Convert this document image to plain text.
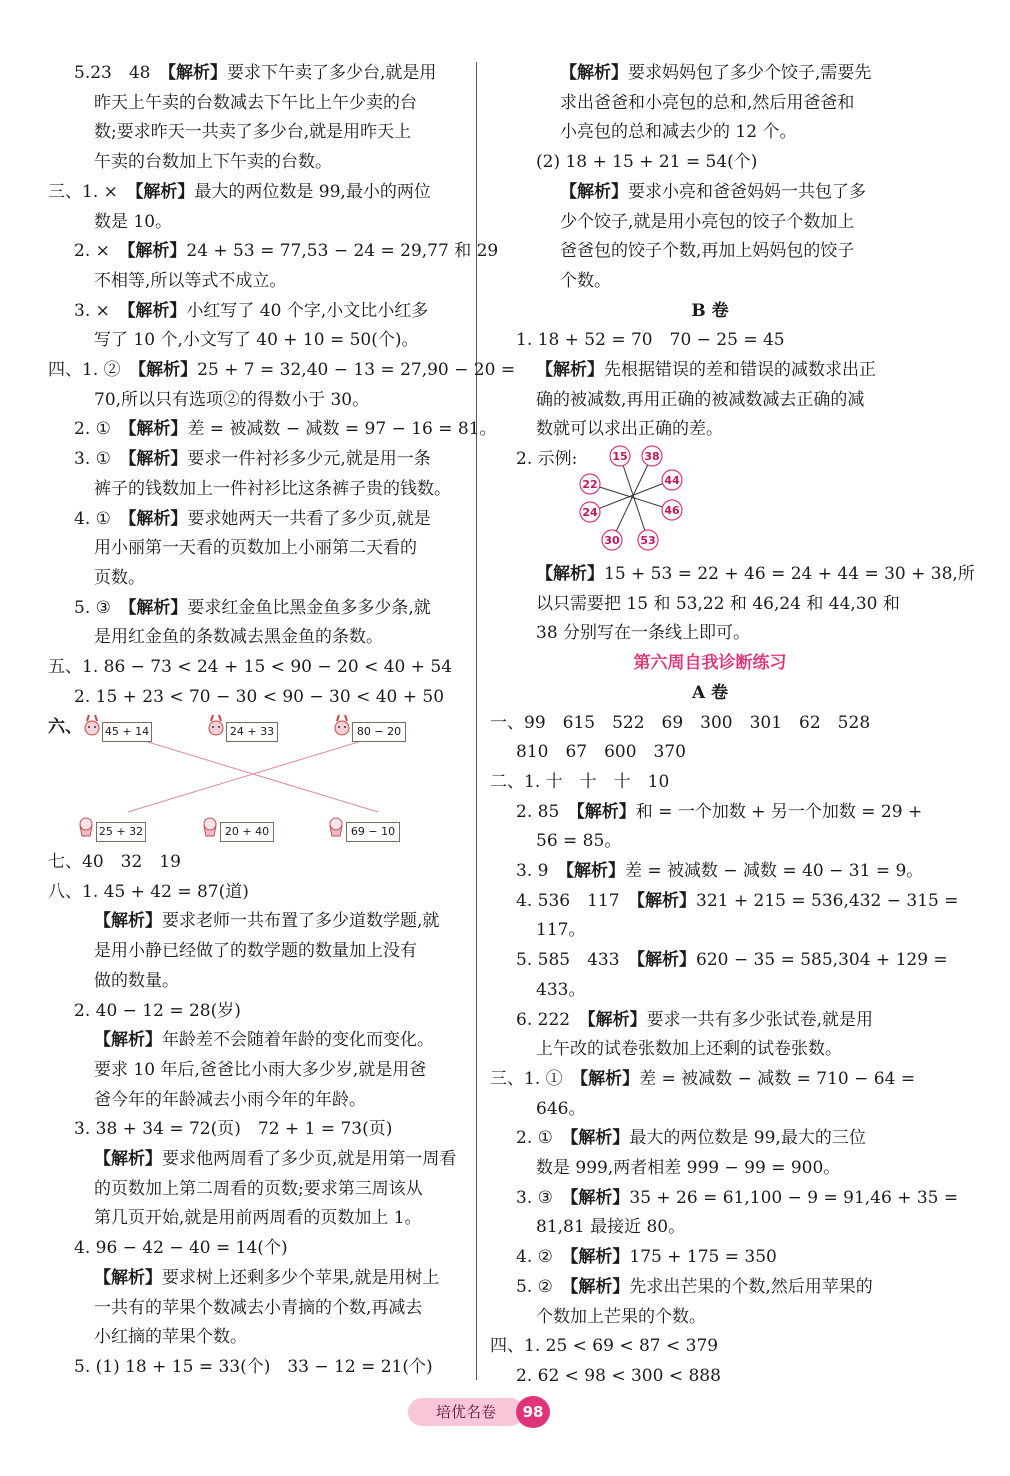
5.23　48　【解析】要求下午卖了多少台,就是用
昨天上午卖的台数减去下午比上午少卖的台
数;要求昨天一共卖了多少台,就是用昨天上
午卖的台数加上下午卖的台数。
三、1. ×　【解析】最大的两位数是 99,最小的两位
数是 10。
2. ×　【解析】24 + 53 = 77,53 − 24 = 29,77 和 29
不相等,所以等式不成立。
3. ×　【解析】小红写了 40 个字,小文比小红多
写了 10 个,小文写了 40 + 10 = 50(个)。
四、1. ②　【解析】25 + 7 = 32,40 − 13 = 27,90 − 20 =
70,所以只有选项②的得数小于 30。
2. ①　【解析】差 = 被减数 − 减数 = 97 − 16 = 81。
3. ①　【解析】要求一件衬衫多少元,就是用一条
裤子的钱数加上一件衬衫比这条裤子贵的钱数。
4. ①　【解析】要求她两天一共看了多少页,就是
用小丽第一天看的页数加上小丽第二天看的
页数。
5. ③　【解析】要求红金鱼比黑金鱼多多少条,就
是用红金鱼的条数减去黑金鱼的条数。
五、1. 86 − 73 < 24 + 15 < 90 − 20 < 40 + 54
2. 15 + 23 < 70 − 30 < 90 − 30 < 40 + 50
六、 45 + 14	24 + 33	80 − 20
25 + 32	20 + 40	69 − 10
七、40　32　19
八、1. 45 + 42 = 87(道)
【解析】要求老师一共布置了多少道数学题,就
是用小静已经做了的数学题的数量加上没有
做的数量。
2. 40 − 12 = 28(岁)
【解析】年龄差不会随着年龄的变化而变化。
要求 10 年后,爸爸比小雨大多少岁,就是用爸
爸今年的年龄减去小雨今年的年龄。
3. 38 + 34 = 72(页)　72 + 1 = 73(页)
【解析】要求他两周看了多少页,就是用第一周看
的页数加上第二周看的页数;要求第三周该从
第几页开始,就是用前两周看的页数加上 1。
4. 96 − 42 − 40 = 14(个)
【解析】要求树上还剩多少个苹果,就是用树上
一共有的苹果个数减去小青摘的个数,再减去
小红摘的苹果个数。
5. (1) 18 + 15 = 33(个)　33 − 12 = 21(个)
【解析】要求妈妈包了多少个饺子,需要先
求出爸爸和小亮包的总和,然后用爸爸和
小亮包的总和减去少的 12 个。
(2) 18 + 15 + 21 = 54(个)
【解析】要求小亮和爸爸妈妈一共包了多
少个饺子,就是用小亮包的饺子个数加上
爸爸包的饺子个数,再加上妈妈包的饺子
个数。
B 卷
1. 18 + 52 = 70　70 − 25 = 45
【解析】先根据错误的差和错误的减数求出正
确的被减数,再用正确的被减数减去正确的减
数就可以求出正确的差。
2. 示例:	15 38
44
46
53
30
24
22
【解析】15 + 53 = 22 + 46 = 24 + 44 = 30 + 38,所
以只需要把 15 和 53,22 和 46,24 和 44,30 和
38 分别写在一条线上即可。
第六周自我诊断练习
A 卷
一、99　615　522　69　300　301　62　528
810　67　600　370
二、1. 十　十　十　10
2. 85　【解析】和 = 一个加数 + 另一个加数 = 29 +
56 = 85。
3. 9　【解析】差 = 被减数 − 减数 = 40 − 31 = 9。
4. 536　117　【解析】321 + 215 = 536,432 − 315 =
117。
5. 585　433　【解析】620 − 35 = 585,304 + 129 =
433。
6. 222　【解析】要求一共有多少张试卷,就是用
上午改的试卷张数加上还剩的试卷张数。
三、1. ①　【解析】差 = 被减数 − 减数 = 710 − 64 =
646。
2. ①　【解析】最大的两位数是 99,最大的三位
数是 999,两者相差 999 − 99 = 900。
3. ③　【解析】35 + 26 = 61,100 − 9 = 91,46 + 35 =
81,81 最接近 80。
4. ②　【解析】175 + 175 = 350
5. ②　【解析】先求出芒果的个数,然后用苹果的
个数加上芒果的个数。
四、1. 25 < 69 < 87 < 379
2. 62 < 98 < 300 < 888
培优名卷	98
